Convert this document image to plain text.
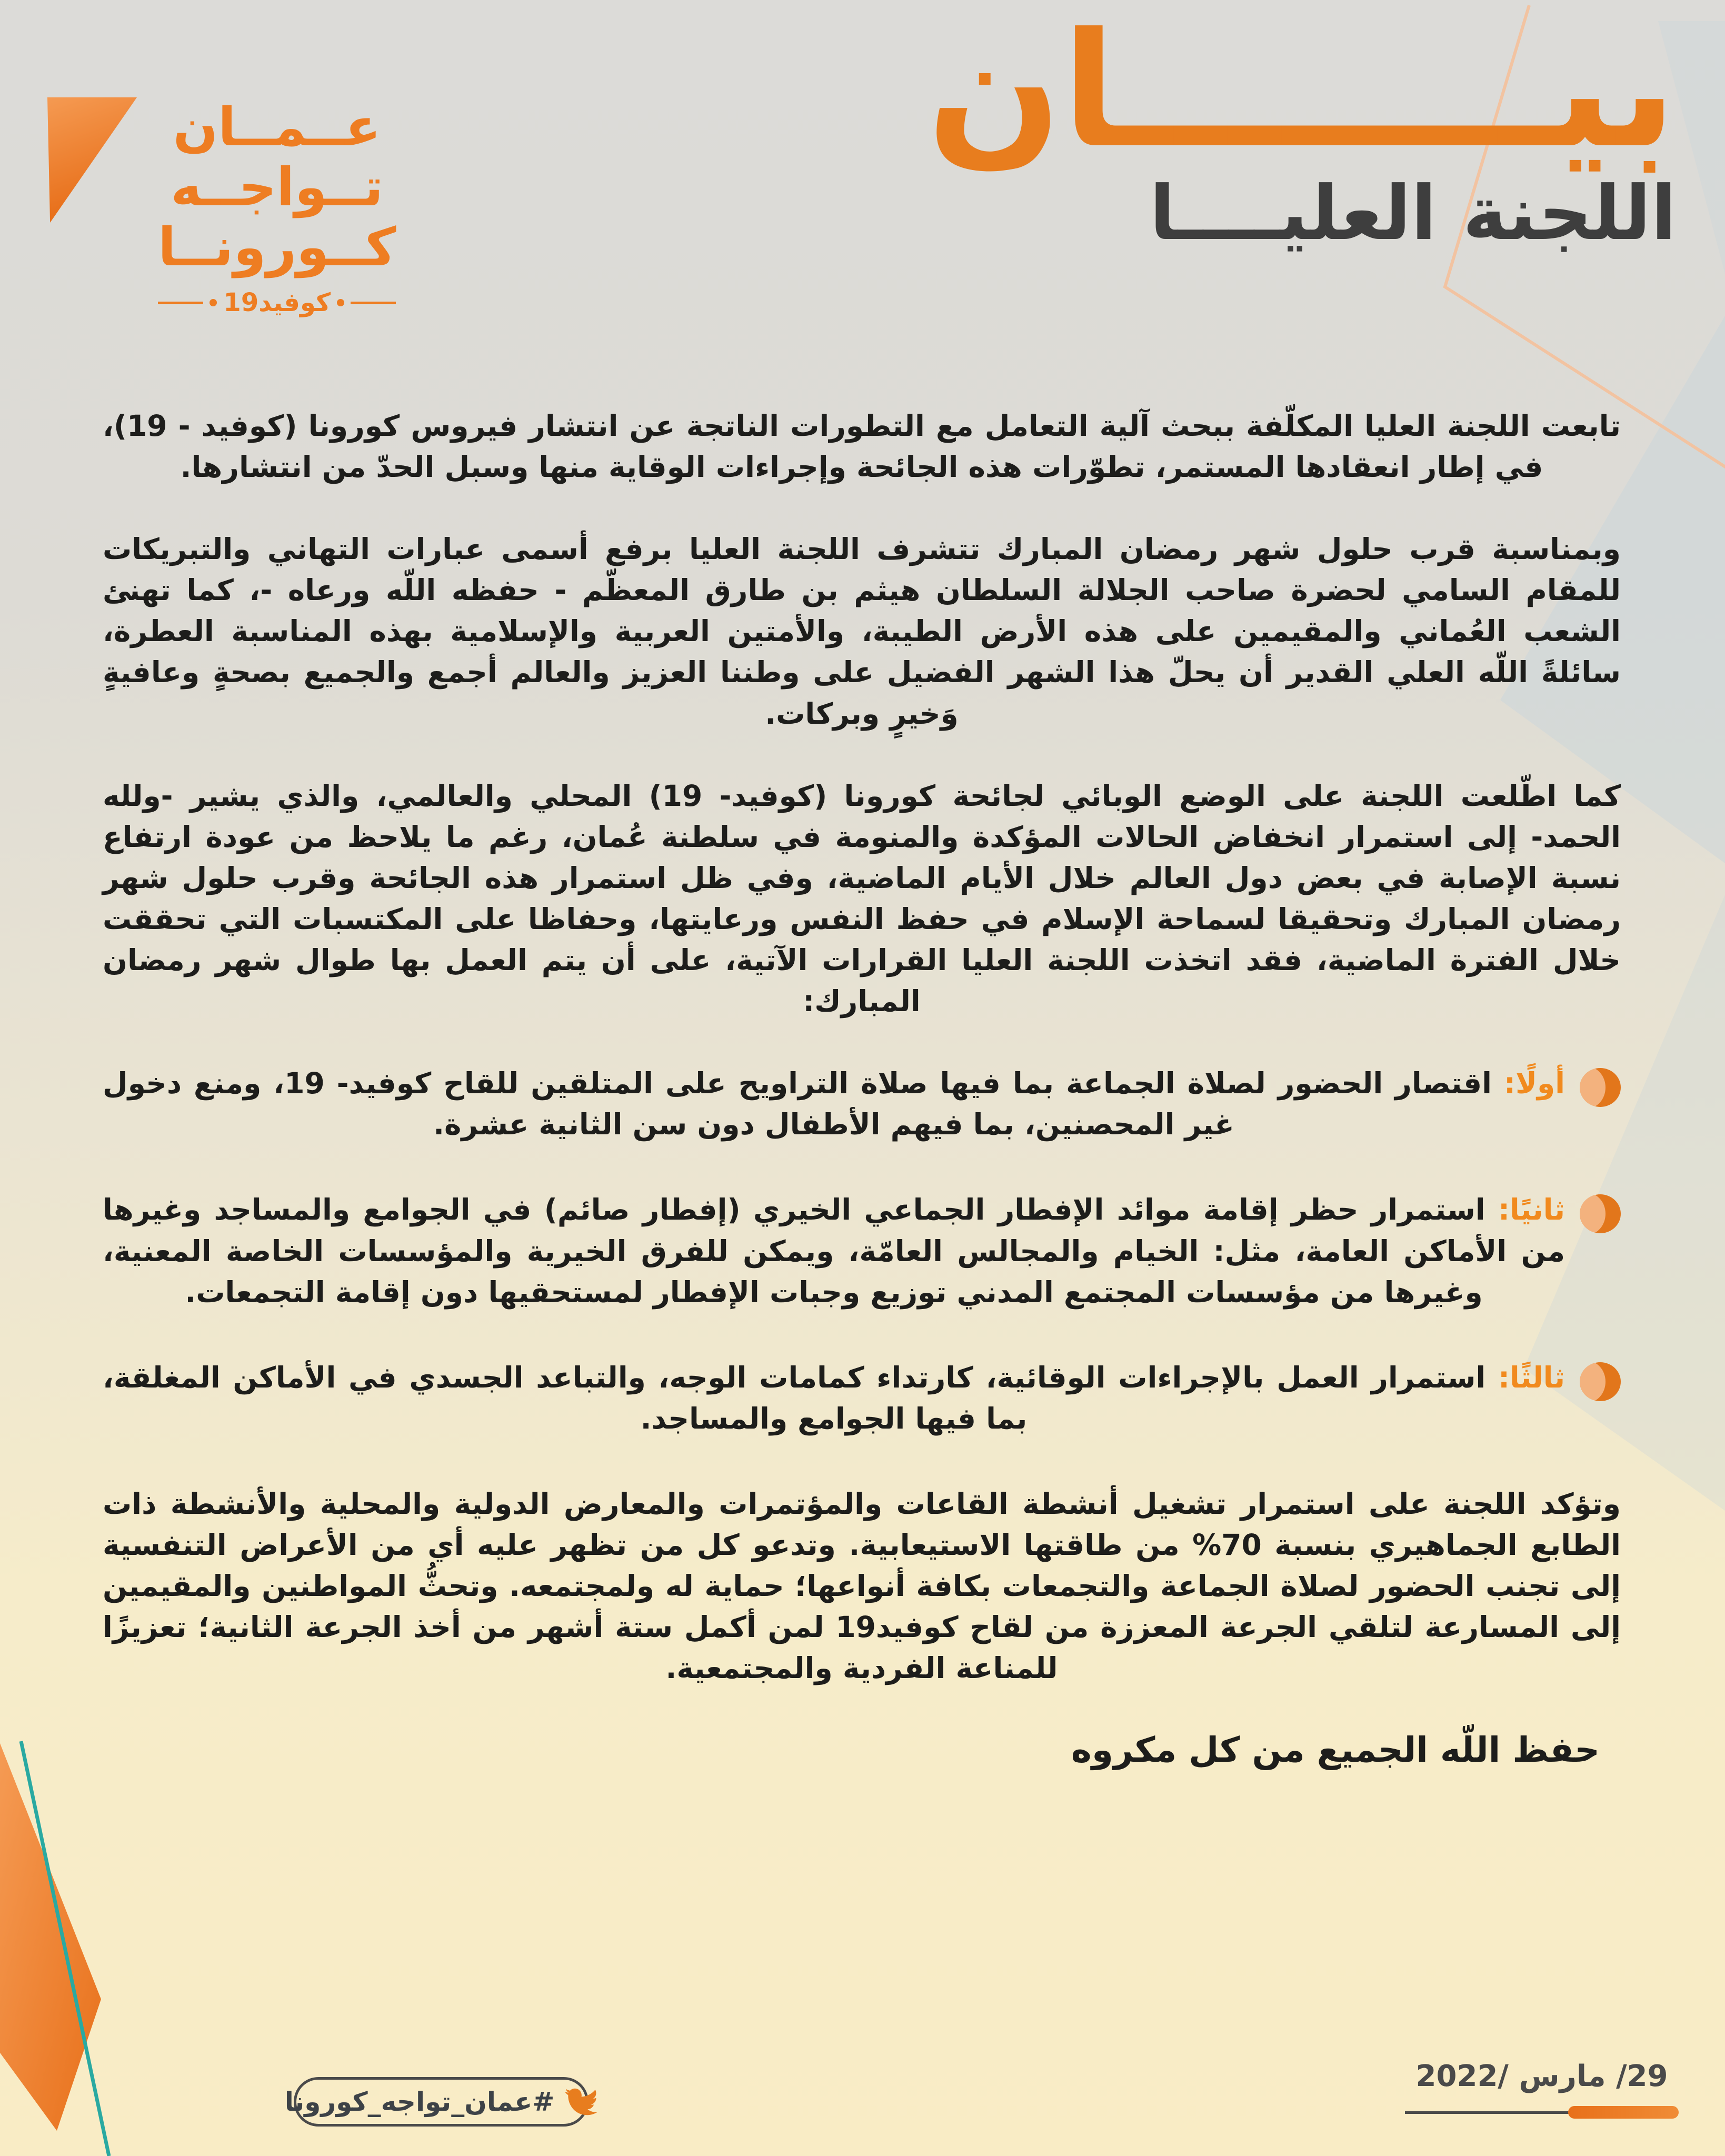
عــمــان
تــواجــه
كــورونــا
كوفيد19
بيــــــــان
اللجنة العليــــا

تابعت اللجنة العليا المكلّفة ببحث آلية التعامل مع التطورات الناتجة عن انتشار فيروس كورونا (كوفيد - 19)، في إطار انعقادها المستمر، تطوّرات هذه الجائحة وإجراءات الوقاية منها وسبل الحدّ من انتشارها.

وبمناسبة قرب حلول شهر رمضان المبارك تتشرف اللجنة العليا برفع أسمى عبارات التهاني والتبريكات للمقام السامي لحضرة صاحب الجلالة السلطان هيثم بن طارق المعظّم - حفظه اللّه ورعاه -، كما تهنئ الشعب العُماني والمقيمين على هذه الأرض الطيبة، والأمتين العربية والإسلامية بهذه المناسبة العطرة، سائلةً اللّه العلي القدير أن يحلّ هذا الشهر الفضيل على وطننا العزيز والعالم أجمع والجميع بصحةٍ وعافيةٍ وَخيرٍ وبركات.

كما اطّلعت اللجنة على الوضع الوبائي لجائحة كورونا (كوفيد- 19) المحلي والعالمي، والذي يشير -ولله الحمد- إلى استمرار انخفاض الحالات المؤكدة والمنومة في سلطنة عُمان، رغم ما يلاحظ من عودة ارتفاع نسبة الإصابة في بعض دول العالم خلال الأيام الماضية، وفي ظل استمرار هذه الجائحة وقرب حلول شهر رمضان المبارك وتحقيقا لسماحة الإسلام في حفظ النفس ورعايتها، وحفاظا على المكتسبات التي تحققت خلال الفترة الماضية، فقد اتخذت اللجنة العليا القرارات الآتية، على أن يتم العمل بها طوال شهر رمضان المبارك:

أولًا: اقتصار الحضور لصلاة الجماعة بما فيها صلاة التراويح على المتلقين للقاح كوفيد- 19، ومنع دخول غير المحصنين، بما فيهم الأطفال دون سن الثانية عشرة.
ثانيًا: استمرار حظر إقامة موائد الإفطار الجماعي الخيري (إفطار صائم) في الجوامع والمساجد وغيرها من الأماكن العامة، مثل: الخيام والمجالس العامّة، ويمكن للفرق الخيرية والمؤسسات الخاصة المعنية، وغيرها من مؤسسات المجتمع المدني توزيع وجبات الإفطار لمستحقيها دون إقامة التجمعات.
ثالثًا: استمرار العمل بالإجراءات الوقائية، كارتداء كمامات الوجه، والتباعد الجسدي في الأماكن المغلقة، بما فيها الجوامع والمساجد.

وتؤكد اللجنة على استمرار تشغيل أنشطة القاعات والمؤتمرات والمعارض الدولية والمحلية والأنشطة ذات الطابع الجماهيري بنسبة 70% من طاقتها الاستيعابية. وتدعو كل من تظهر عليه أي من الأعراض التنفسية إلى تجنب الحضور لصلاة الجماعة والتجمعات بكافة أنواعها؛ حماية له ولمجتمعه. وتحثُّ المواطنين والمقيمين إلى المسارعة لتلقي الجرعة المعززة من لقاح كوفيد19 لمن أكمل ستة أشهر من أخذ الجرعة الثانية؛ تعزيزًا للمناعة الفردية والمجتمعية.

حفظ اللّه الجميع من كل مكروه
29/ مارس /2022
#عمان_تواجه_كورونا
